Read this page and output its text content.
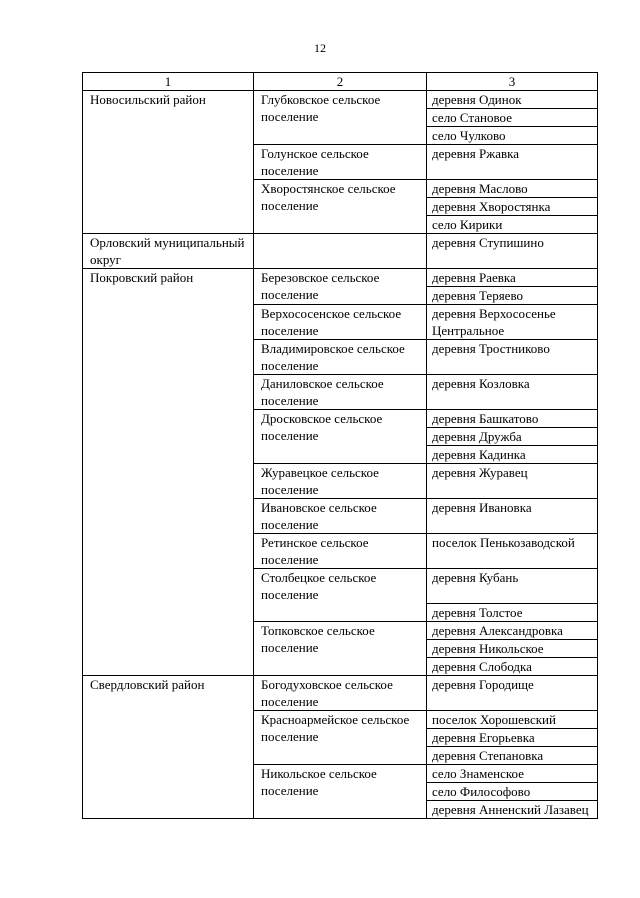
12
1	2	3
Новосильский район	Глубковское сельское поселение	деревня Одинок
		село Становое
		село Чулково
	Голунское сельское поселение	деревня Ржавка
	Хворостянское сельское поселение	деревня Маслово
		деревня Хворостянка
		село Кирики
Орловский муниципальный округ		деревня Ступишино
Покровский район	Березовское сельское поселение	деревня Раевка
		деревня Теряево
	Верхососенское сельское поселение	деревня Верхососенье Центральное
	Владимировское сельское поселение	деревня Тростниково
	Даниловское сельское поселение	деревня Козловка
	Дросковское сельское поселение	деревня Башкатово
		деревня Дружба
		деревня Кадинка
	Журавецкое сельское поселение	деревня Журавец
	Ивановское сельское поселение	деревня Ивановка
	Ретинское сельское поселение	поселок Пенькозаводской
	Столбецкое сельское поселение	деревня Кубань
		деревня Толстое
	Топковское сельское поселение	деревня Александровка
		деревня Никольское
		деревня Слободка
Свердловский район	Богодуховское сельское поселение	деревня Городище
	Красноармейское сельское поселение	поселок Хорошевский
		деревня Егорьевка
		деревня Степановка
	Никольское сельское поселение	село Знаменское
		село Философово
		деревня Анненский Лазавец
